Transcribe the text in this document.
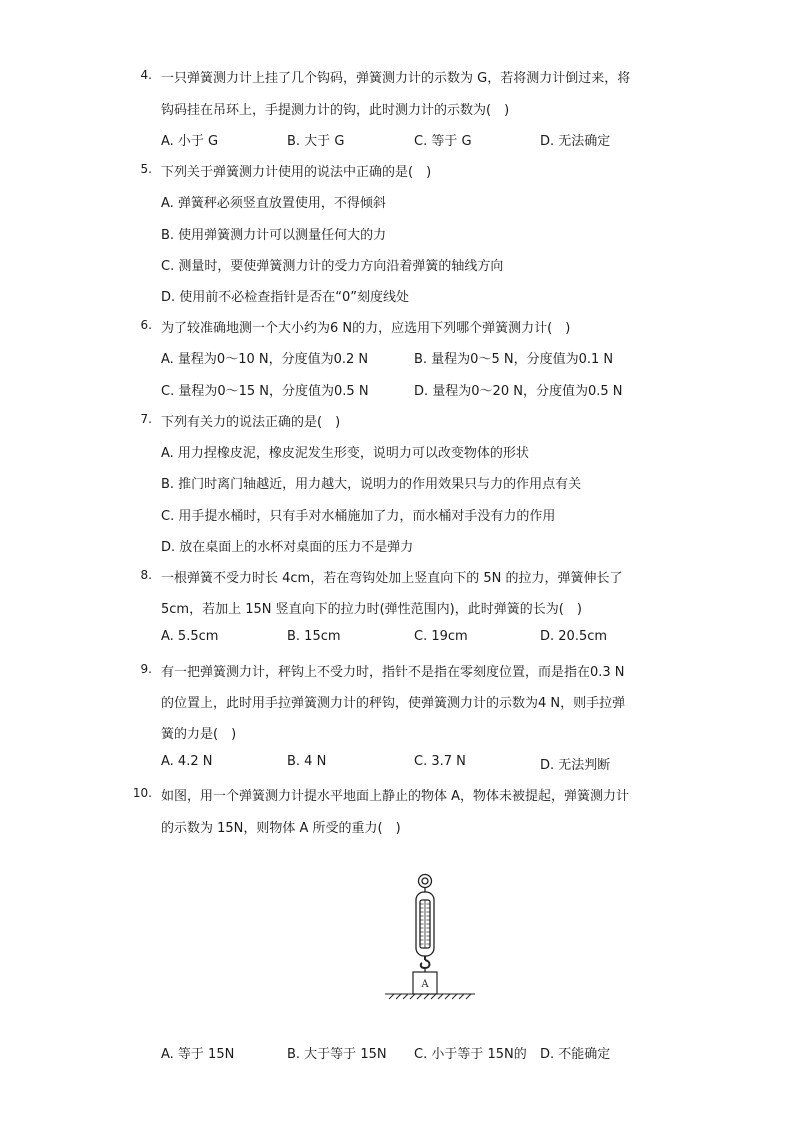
4. 一只弹簧测力计上挂了几个钩码，弹簧测力计的示数为 G，若将测力计倒过来，将
钩码挂在吊环上，手提测力计的钩，此时测力计的示数为(　)
A. 小于 G	B. 大于 G	C. 等于 G	D. 无法确定
5. 下列关于弹簧测力计使用的说法中正确的是(　)
A. 弹簧秤必须竖直放置使用，不得倾斜
B. 使用弹簧测力计可以测量任何大的力
C. 测量时，要使弹簧测力计的受力方向沿着弹簧的轴线方向
D. 使用前不必检查指针是否在“0”刻度线处
6. 为了较准确地测一个大小约为6 N的力，应选用下列哪个弹簧测力计(　)
A. 量程为0～10 N，分度值为0.2 N	B. 量程为0～5 N，分度值为0.1 N
C. 量程为0～15 N，分度值为0.5 N	D. 量程为0～20 N，分度值为0.5 N
7. 下列有关力的说法正确的是(　)
A. 用力捏橡皮泥，橡皮泥发生形变，说明力可以改变物体的形状
B. 推门时离门轴越近，用力越大，说明力的作用效果只与力的作用点有关
C. 用手提水桶时，只有手对水桶施加了力，而水桶对手没有力的作用
D. 放在桌面上的水杯对桌面的压力不是弹力
8. 一根弹簧不受力时长 4cm，若在弯钩处加上竖直向下的 5N 的拉力，弹簧伸长了
5cm，若加上 15N 竖直向下的拉力时(弹性范围内)，此时弹簧的长为(　)
A. 5.5cm	B. 15cm	C. 19cm	D. 20.5cm
9. 有一把弹簧测力计，秤钩上不受力时，指针不是指在零刻度位置，而是指在0.3 N
的位置上，此时用手拉弹簧测力计的秤钩，使弹簧测力计的示数为4 N，则手拉弹
簧的力是(　)
A. 4.2 N	B. 4 N	C. 3.7 N	D. 无法判断
10. 如图，用一个弹簧测力计提水平地面上静止的物体 A，物体未被提起，弹簧测力计
的示数为 15N，则物体 A 所受的重力(　)
A. 等于 15N	B. 大于等于 15N C. 小于等于 15N的 D. 不能确定
A
